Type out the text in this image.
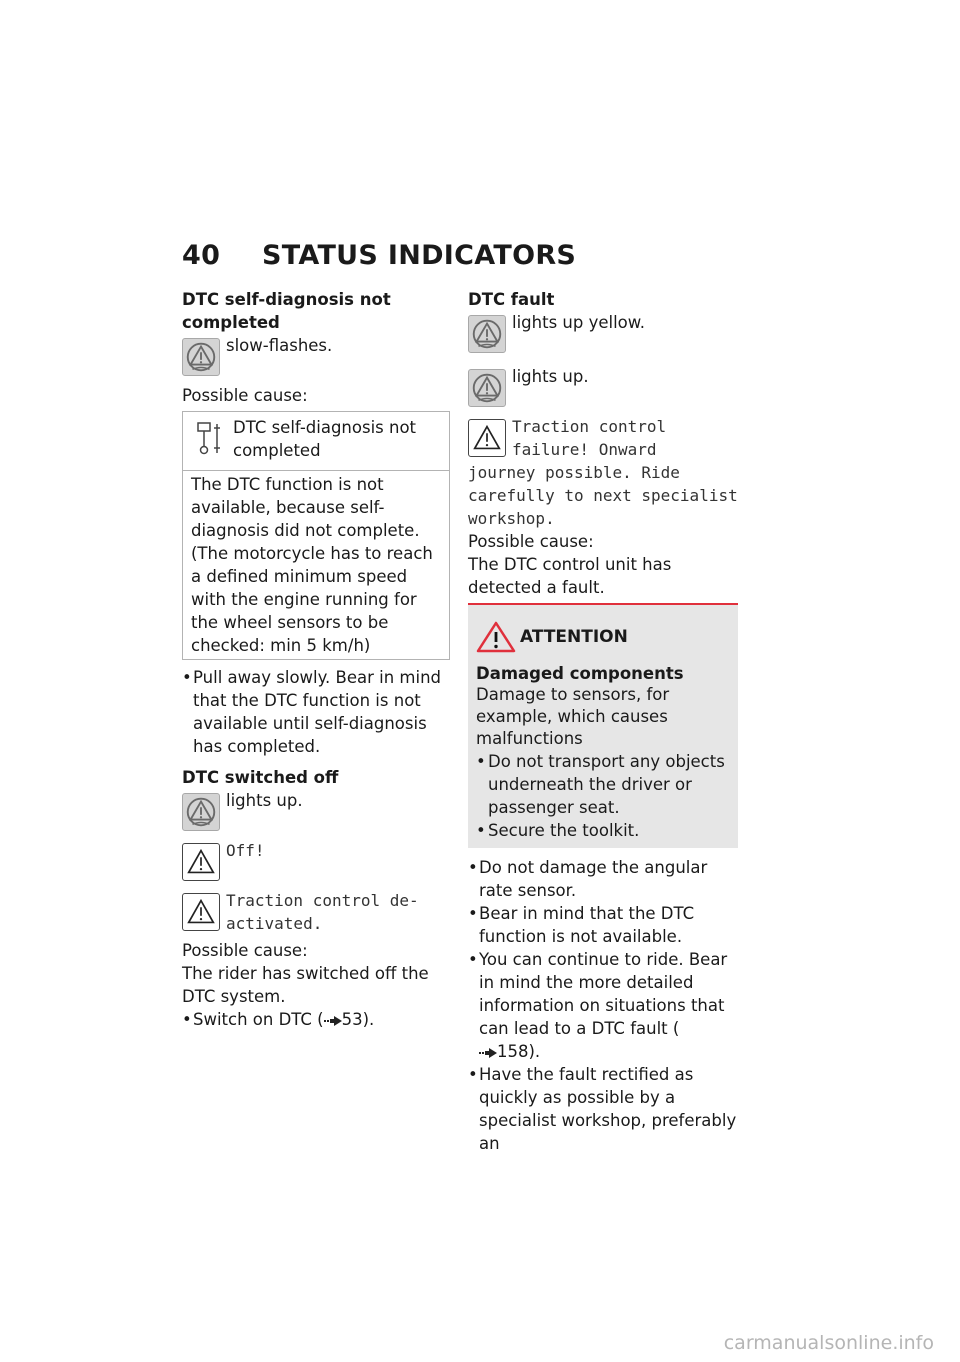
40 STATUS INDICATORS
DTC self-diagnosis not completed
slow-flashes.
Possible cause:
DTC self-diagnosis not completed
The DTC function is not available, because self-diagnosis did not complete. (The motorcycle has to reach a defined minimum speed with the engine running for the wheel sensors to be checked: min 5 km/h)
• Pull away slowly. Bear in mind that the DTC function is not available until self-diagnosis has completed.
DTC switched off
lights up.
Off!
Traction control de-activated.
Possible cause:
The rider has switched off the DTC system.
• Switch on DTC ( 53).
DTC fault
lights up yellow.
lights up.
Traction control
failure! Onward
journey possible. Ride carefully to next specialist workshop.
Possible cause:
The DTC control unit has detected a fault.
ATTENTION
Damaged components
Damage to sensors, for example, which causes malfunctions
• Do not transport any objects underneath the driver or passenger seat.
• Secure the toolkit.
• Do not damage the angular rate sensor.
• Bear in mind that the DTC function is not available.
• You can continue to ride. Bear in mind the more detailed information on situations that can lead to a DTC fault (158).
• Have the fault rectified as quickly as possible by a specialist workshop, preferably an
carmanualsonline.info
